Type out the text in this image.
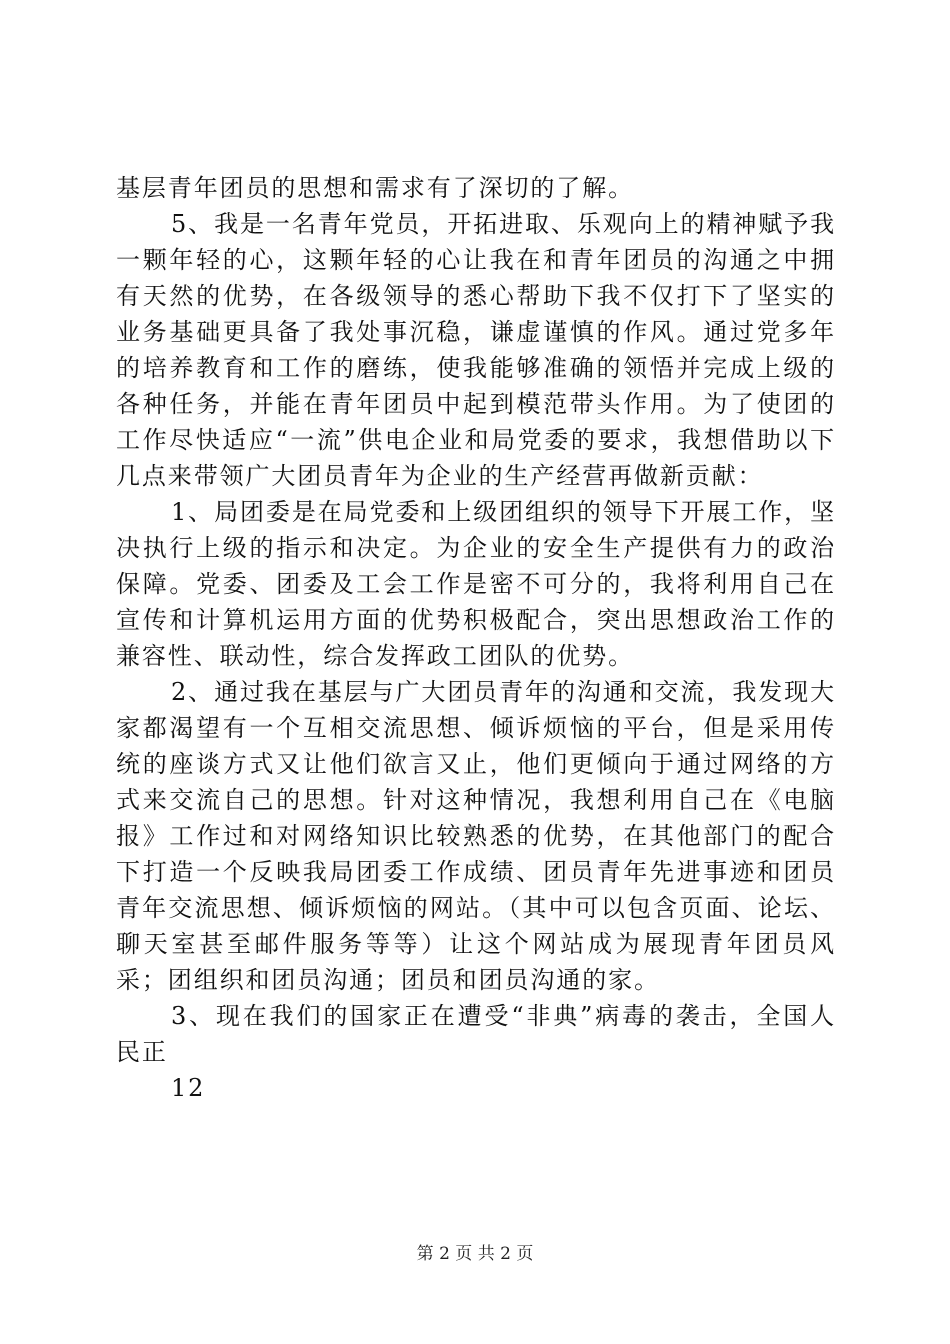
基层青年团员的思想和需求有了深切的了解。

5、我是一名青年党员，开拓进取、乐观向上的精神赋予我一颗年轻的心，这颗年轻的心让我在和青年团员的沟通之中拥有天然的优势，在各级领导的悉心帮助下我不仅打下了坚实的业务基础更具备了我处事沉稳，谦虚谨慎的作风。通过党多年的培养教育和工作的磨练，使我能够准确的领悟并完成上级的各种任务，并能在青年团员中起到模范带头作用。为了使团的工作尽快适应“一流”供电企业和局党委的要求，我想借助以下几点来带领广大团员青年为企业的生产经营再做新贡献：

1、局团委是在局党委和上级团组织的领导下开展工作，坚决执行上级的指示和决定。为企业的安全生产提供有力的政治保障。党委、团委及工会工作是密不可分的，我将利用自己在宣传和计算机运用方面的优势积极配合，突出思想政治工作的兼容性、联动性，综合发挥政工团队的优势。

2、通过我在基层与广大团员青年的沟通和交流，我发现大家都渴望有一个互相交流思想、倾诉烦恼的平台，但是采用传统的座谈方式又让他们欲言又止，他们更倾向于通过网络的方式来交流自己的思想。针对这种情况，我想利用自己在《电脑报》工作过和对网络知识比较熟悉的优势，在其他部门的配合下打造一个反映我局团委工作成绩、团员青年先进事迹和团员青年交流思想、倾诉烦恼的网站。（其中可以包含页面、论坛、聊天室甚至邮件服务等等）让这个网站成为展现青年团员风采；团组织和团员沟通；团员和团员沟通的家。

3、现在我们的国家正在遭受“非典”病毒的袭击，全国人民正

12

第 2 页 共 2 页
